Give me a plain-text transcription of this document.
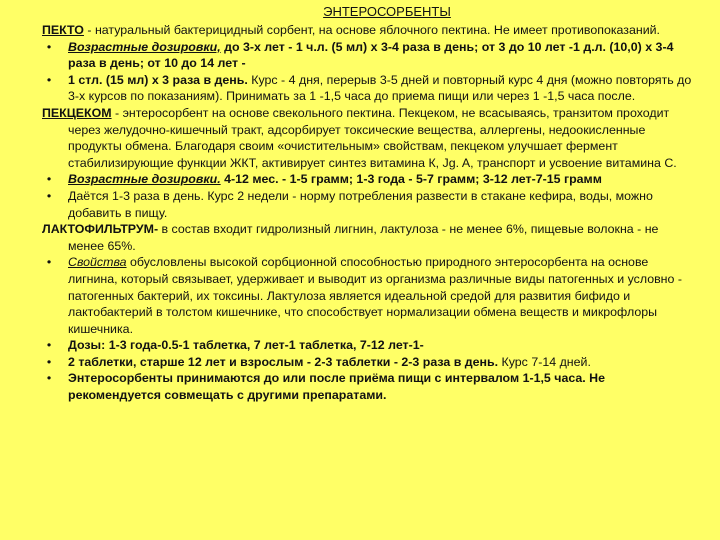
ЭНТЕРОСОРБЕНТЫ

ПЕКТО - натуральный бактерицидный сорбент, на основе яблочного пектина. Не имеет противопоказаний.

•	Возрастные дозировки, до 3-х лет - 1 ч.л. (5 мл) х 3-4 раза в день; от 3 до 10 лет -1 д.л. (10,0) х 3-4 раза в день; от 10 до 14 лет -
•	1 стл. (15 мл) х 3 раза в день. Курс - 4 дня, перерыв 3-5 дней и повторный курс 4 дня (можно повторять до 3-х курсов по показаниям). Принимать за 1 -1,5 часа до приема пищи или через 1 -1,5 часа после.

ПЕКЦЕКОМ - энтеросорбент на основе свекольного пектина. Пекцеком, не всасываясь, транзитом проходит через желудочно-кишечный тракт, адсорбирует токсические вещества, аллергены, недоокисленные продукты обмена. Благодаря своим «очистительным» свойствам, пекцеком улучшает фермент стабилизирующие функции ЖКТ, активирует синтез витамина К, Jg. A, транспорт и усвоение витамина С.

•	Возрастные дозировки. 4-12 мес. - 1-5 грамм; 1-3 года - 5-7 грамм; 3-12 лет-7-15 грамм
•	Даётся 1-3 раза в день. Курс 2 недели - норму потребления развести в стакане кефира, воды, можно добавить в пищу.

ЛАКТОФИЛЬТРУМ- в состав входит гидролизный лигнин, лактулоза - не менее 6%, пищевые волокна - не менее 65%.

•	Свойства обусловлены высокой сорбционной способностью природного энтеросорбента на основе лигнина, который связывает, удерживает и выводит из организма различные виды патогенных и условно - патогенных бактерий, их токсины. Лактулоза является идеальной средой для развития бифидо и лактобактерий в толстом кишечнике, что способствует нормализации обмена веществ и микрофлоры кишечника.
•	Дозы: 1-3 года-0.5-1 таблетка, 7 лет-1 таблетка, 7-12 лет-1-
•	2 таблетки, старше 12 лет и взрослым - 2-3 таблетки - 2-3 раза в день. Курс 7-14 дней.
•	Энтеросорбенты принимаются до или после приёма пищи с интервалом 1-1,5 часа. Не рекомендуется совмещать с другими препаратами.
